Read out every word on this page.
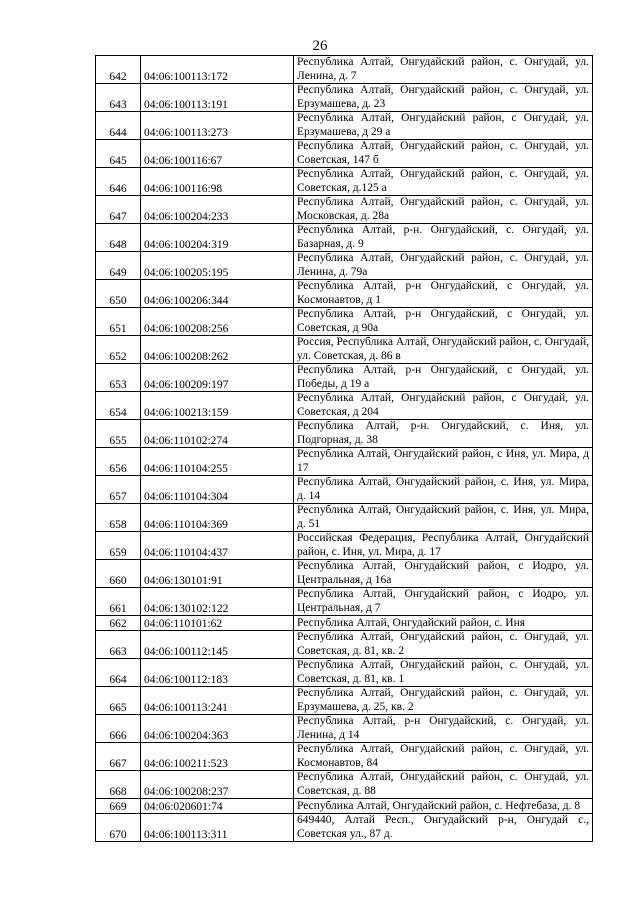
26
642	04:06:100113:172	Республика Алтай, Онгудайский район, с. Онгудай, ул. Ленина, д. 7
643	04:06:100113:191	Республика Алтай, Онгудайский район, с. Онгудай, ул. Ерзумашева, д. 23
644	04:06:100113:273	Республика Алтай, Онгудайский район, с Онгудай, ул. Ерзумашева, д 29 а
645	04:06:100116:67	Республика Алтай, Онгудайский район, с. Онгудай, ул. Советская, 147 б
646	04:06:100116:98	Республика Алтай, Онгудайский район, с. Онгудай, ул. Советская, д.125 а
647	04:06:100204:233	Республика Алтай, Онгудайский район, с. Онгудай, ул. Московская, д. 28а
648	04:06:100204:319	Республика Алтай, р-н. Онгудайский, с. Онгудай, ул. Базарная, д. 9
649	04:06:100205:195	Республика Алтай, Онгудайский район, с. Онгудай, ул. Ленина, д. 79а
650	04:06:100206:344	Республика Алтай, р-н Онгудайский, с Онгудай, ул. Космонавтов, д 1
651	04:06:100208:256	Республика Алтай, р-н Онгудайский, с Онгудай, ул. Советская, д 90а
652	04:06:100208:262	Россия, Республика Алтай, Онгудайский район, с. Онгудай, ул. Советская, д. 86 в
653	04:06:100209:197	Республика Алтай, р-н Онгудайский, с Онгудай, ул. Победы, д 19 а
654	04:06:100213:159	Республика Алтай, Онгудайский район, с Онгудай, ул. Советская, д 204
655	04:06:110102:274	Республика Алтай, р-н. Онгудайский, с. Иня, ул. Подгорная, д. 38
656	04:06:110104:255	Республика Алтай, Онгудайский район, с Иня, ул. Мира, д 17
657	04:06:110104:304	Республика Алтай, Онгудайский район, с. Иня, ул. Мира, д. 14
658	04:06:110104:369	Республика Алтай, Онгудайский район, с. Иня, ул. Мира, д. 51
659	04:06:110104:437	Российская Федерация, Республика Алтай, Онгудайский район, с. Иня, ул. Мира, д. 17
660	04:06:130101:91	Республика Алтай, Онгудайский район, с Иодро, ул. Центральная, д 16а
661	04:06:130102:122	Республика Алтай, Онгудайский район, с Иодро, ул. Центральная, д 7
662	04:06:110101:62	Республика Алтай, Онгудайский район, с. Иня
663	04:06:100112:145	Республика Алтай, Онгудайский район, с. Онгудай, ул. Советская, д. 81, кв. 2
664	04:06:100112:183	Республика Алтай, Онгудайский район, с. Онгудай, ул. Советская, д. 81, кв. 1
665	04:06:100113:241	Республика Алтай, Онгудайский район, с. Онгудай, ул. Ерзумашева, д. 25, кв. 2
666	04:06:100204:363	Республика Алтай, р-н Онгудайский, с. Онгудай, ул. Ленина, д 14
667	04:06:100211:523	Республика Алтай, Онгудайский район, с. Онгудай, ул. Космонавтов, 84
668	04:06:100208:237	Республика Алтай, Онгудайский район, с. Онгудай, ул. Советская, д. 88
669	04:06:020601:74	Республика Алтай, Онгудайский район, с. Нефтебаза, д. 8
670	04:06:100113:311	649440, Алтай Респ., Онгудайский р-н, Онгудай с., Советская ул., 87 д.
